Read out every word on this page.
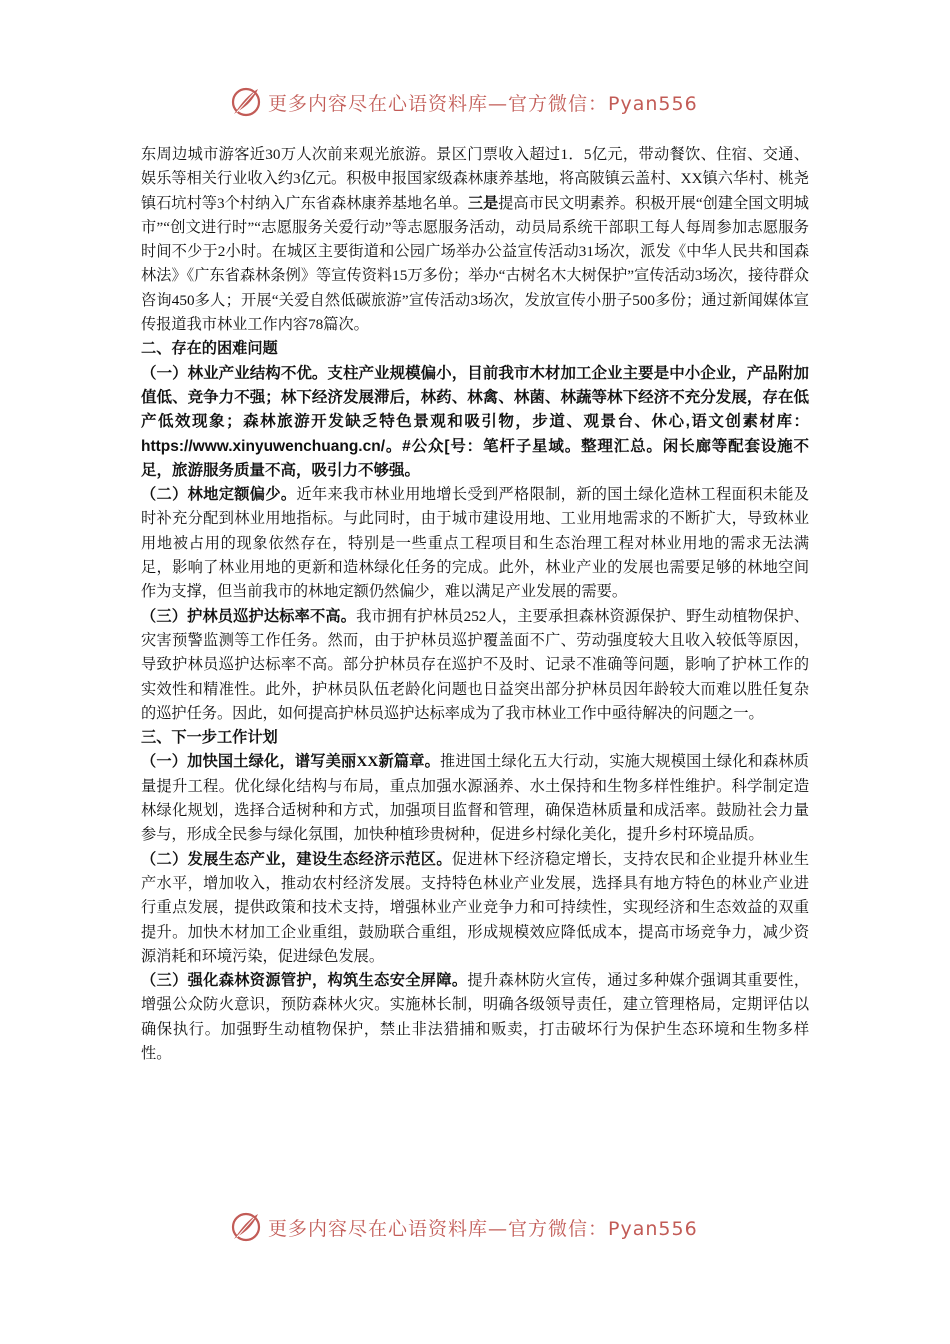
更多内容尽在心语资料库—官方微信：Pyan556

东周边城市游客近30万人次前来观光旅游。景区门票收入超过1．5亿元，带动餐饮、住宿、交通、娱乐等相关行业收入约3亿元。积极申报国家级森林康养基地，将高陂镇云盖村、XX镇六华村、桃尧镇石坑村等3个村纳入广东省森林康养基地名单。三是提高市民文明素养。积极开展“创建全国文明城市”“创文进行时”“志愿服务关爱行动”等志愿服务活动，动员局系统干部职工每人每周参加志愿服务时间不少于2小时。在城区主要街道和公园广场举办公益宣传活动31场次，派发《中华人民共和国森林法》《广东省森林条例》等宣传资料15万多份；举办“古树名木大树保护”宣传活动3场次，接待群众咨询450多人；开展“关爱自然低碳旅游”宣传活动3场次，发放宣传小册子500多份；通过新闻媒体宣传报道我市林业工作内容78篇次。

二、存在的困难问题

（一）林业产业结构不优。支柱产业规模偏小，目前我市木材加工企业主要是中小企业，产品附加值低、竞争力不强；林下经济发展滞后，林药、林禽、林菌、林蔬等林下经济不充分发展，存在低产低效现象；森林旅游开发缺乏特色景观和吸引物，步道、观景台、休心,语文创素材库：https://www.xinyuwenchuang.cn/。#公众[号：笔杆子星域。整理汇总。闲长廊等配套设施不足，旅游服务质量不高，吸引力不够强。

（二）林地定额偏少。近年来我市林业用地增长受到严格限制，新的国土绿化造林工程面积未能及时补充分配到林业用地指标。与此同时，由于城市建设用地、工业用地需求的不断扩大，导致林业用地被占用的现象依然存在，特别是一些重点工程项目和生态治理工程对林业用地的需求无法满足，影响了林业用地的更新和造林绿化任务的完成。此外，林业产业的发展也需要足够的林地空间作为支撑，但当前我市的林地定额仍然偏少，难以满足产业发展的需要。

（三）护林员巡护达标率不高。我市拥有护林员252人，主要承担森林资源保护、野生动植物保护、灾害预警监测等工作任务。然而，由于护林员巡护覆盖面不广、劳动强度较大且收入较低等原因，导致护林员巡护达标率不高。部分护林员存在巡护不及时、记录不准确等问题，影响了护林工作的实效性和精准性。此外，护林员队伍老龄化问题也日益突出部分护林员因年龄较大而难以胜任复杂的巡护任务。因此，如何提高护林员巡护达标率成为了我市林业工作中亟待解决的问题之一。

三、下一步工作计划

（一）加快国土绿化，谱写美丽XX新篇章。推进国土绿化五大行动，实施大规模国土绿化和森林质量提升工程。优化绿化结构与布局，重点加强水源涵养、水土保持和生物多样性维护。科学制定造林绿化规划，选择合适树种和方式，加强项目监督和管理，确保造林质量和成活率。鼓励社会力量参与，形成全民参与绿化氛围，加快种植珍贵树种，促进乡村绿化美化，提升乡村环境品质。

（二）发展生态产业，建设生态经济示范区。促进林下经济稳定增长，支持农民和企业提升林业生产水平，增加收入，推动农村经济发展。支持特色林业产业发展，选择具有地方特色的林业产业进行重点发展，提供政策和技术支持，增强林业产业竞争力和可持续性，实现经济和生态效益的双重提升。加快木材加工企业重组，鼓励联合重组，形成规模效应降低成本，提高市场竞争力，减少资源消耗和环境污染，促进绿色发展。

（三）强化森林资源管护，构筑生态安全屏障。提升森林防火宣传，通过多种媒介强调其重要性，增强公众防火意识，预防森林火灾。实施林长制，明确各级领导责任，建立管理格局，定期评估以确保执行。加强野生动植物保护，禁止非法猎捕和贩卖，打击破坏行为保护生态环境和生物多样性。

更多内容尽在心语资料库—官方微信：Pyan556
